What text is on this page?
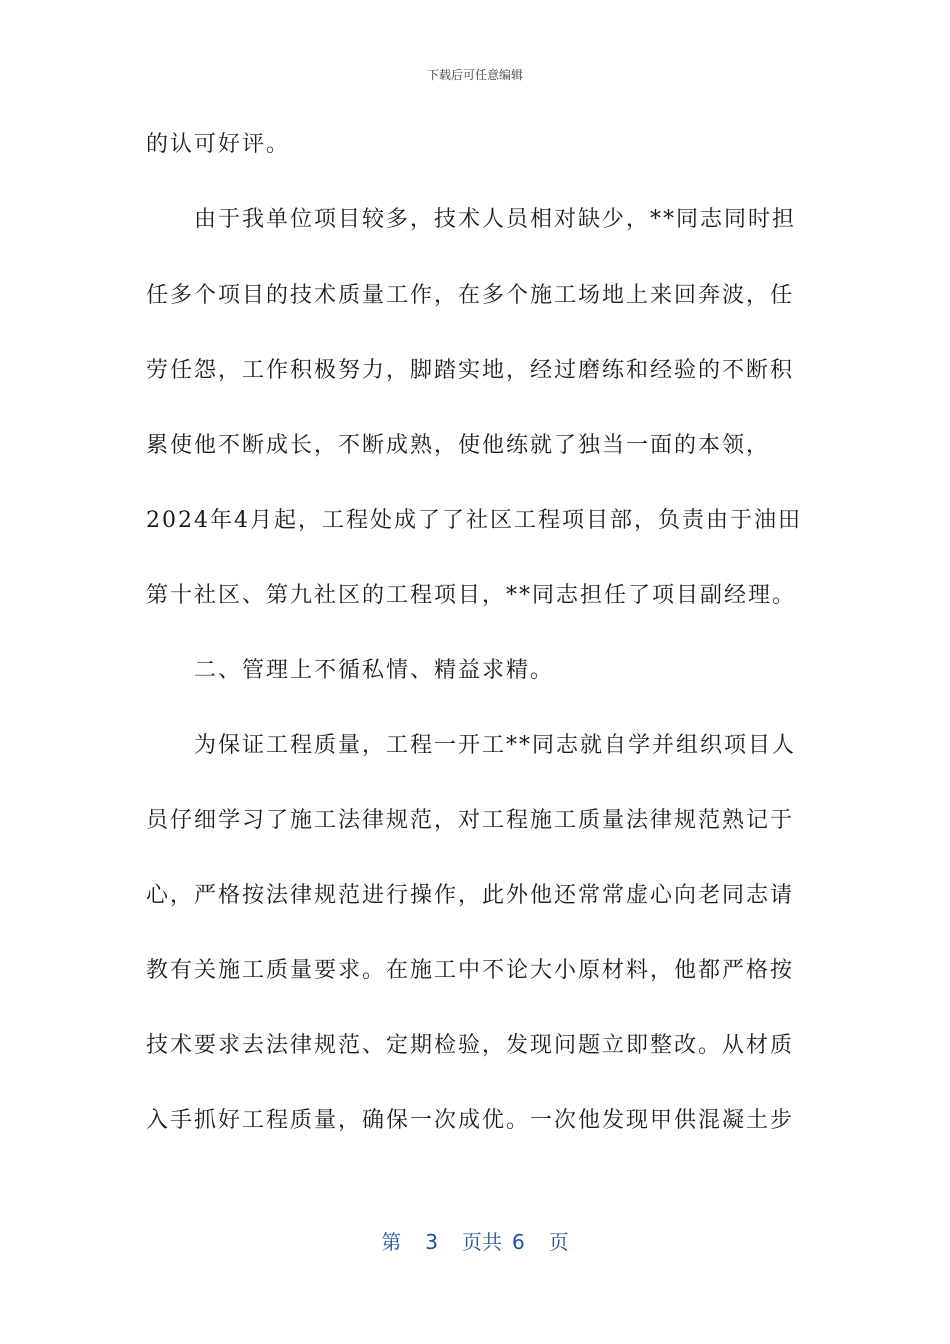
下载后可任意编辑
的认可好评。
由于我单位项目较多，技术人员相对缺少，**同志同时担
任多个项目的技术质量工作，在多个施工场地上来回奔波，任
劳任怨，工作积极努力，脚踏实地，经过磨练和经验的不断积
累使他不断成长，不断成熟，使他练就了独当一面的本领，
2024年4月起，工程处成了了社区工程项目部，负责由于油田
第十社区、第九社区的工程项目，**同志担任了项目副经理。
二、管理上不循私情、精益求精。
为保证工程质量，工程一开工**同志就自学并组织项目人
员仔细学习了施工法律规范，对工程施工质量法律规范熟记于
心，严格按法律规范进行操作，此外他还常常虚心向老同志请
教有关施工质量要求。在施工中不论大小原材料，他都严格按
技术要求去法律规范、定期检验，发现问题立即整改。从材质
入手抓好工程质量，确保一次成优。一次他发现甲供混凝土步
第 3 页共 6 页
